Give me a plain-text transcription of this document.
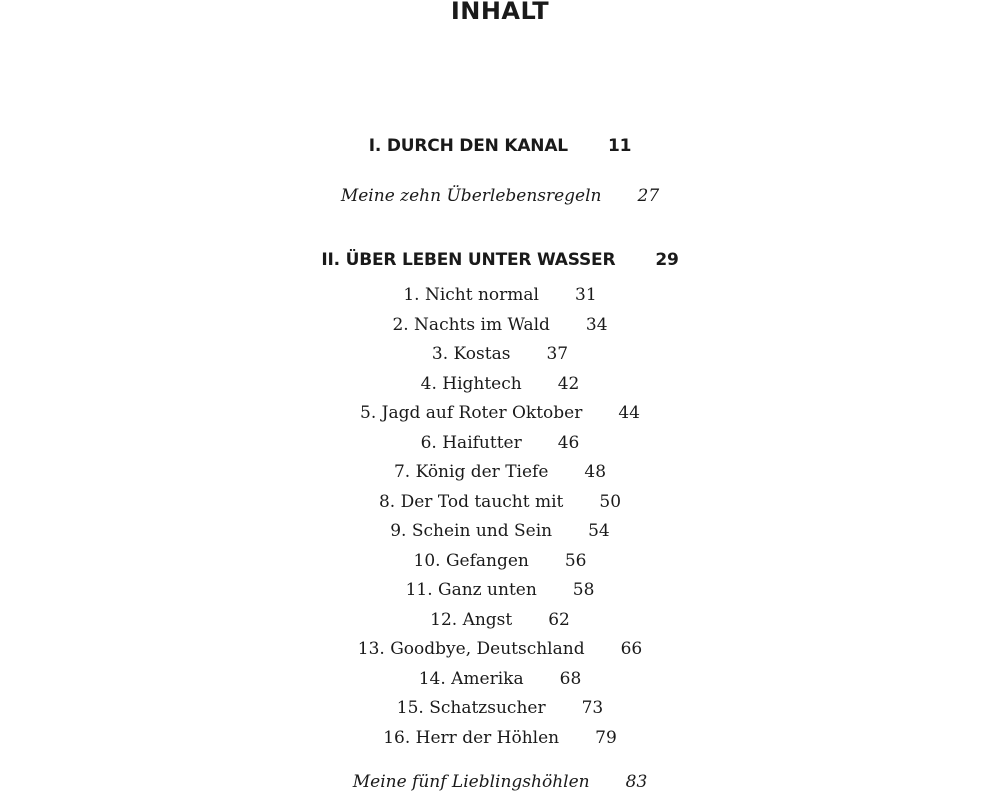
INHALT
I. DURCH DEN KANAL 11
Meine zehn Überlebensregeln 27
II. ÜBER LEBEN UNTER WASSER 29
1. Nicht normal 31
2. Nachts im Wald 34
3. Kostas 37
4. Hightech 42
5. Jagd auf Roter Oktober 44
6. Haifutter 46
7. König der Tiefe 48
8. Der Tod taucht mit 50
9. Schein und Sein 54
10. Gefangen 56
11. Ganz unten 58
12. Angst 62
13. Goodbye, Deutschland 66
14. Amerika 68
15. Schatzsucher 73
16. Herr der Höhlen 79
Meine fünf Lieblingshöhlen 83
